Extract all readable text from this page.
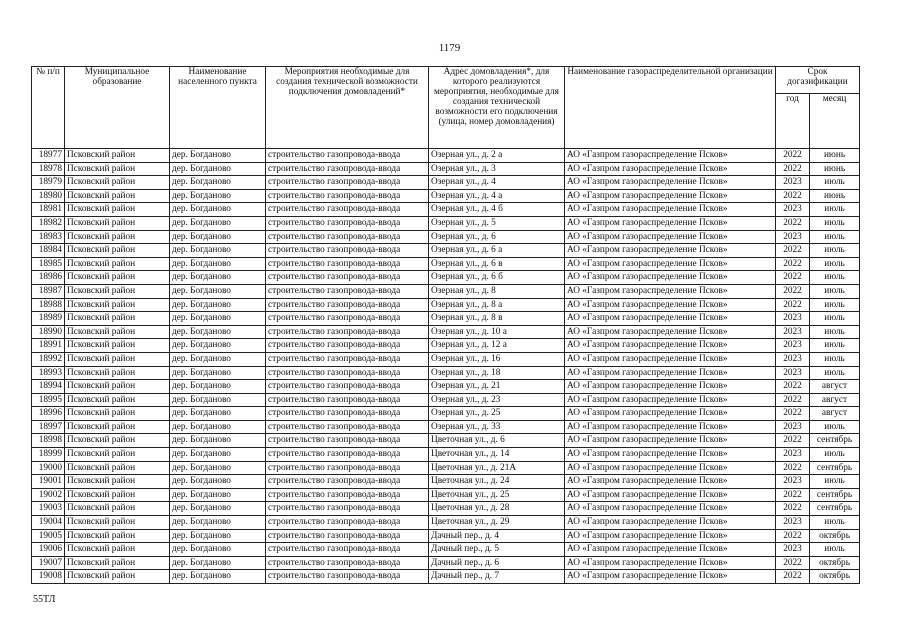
1179
№ п/п	Муниципальное образование	Наименование населенного пункта	Мероприятия необходимые для создания технической возможности подключения домовладений*	Адрес домовладения*, для которого реализуются мероприятия, необходимые для создания технической возможности его подключения (улица, номер домовладения)	Наименование газораспределительной организации	Срок догазификации	
						год	месяц
18977	Псковский район	дер. Богданово	строительство газопровода-ввода	Озерная ул., д. 2 а	АО «Газпром газораспределение Псков»	2022	июнь
18978	Псковский район	дер. Богданово	строительство газопровода-ввода	Озерная ул., д. 3	АО «Газпром газораспределение Псков»	2022	июнь
18979	Псковский район	дер. Богданово	строительство газопровода-ввода	Озерная ул., д. 4	АО «Газпром газораспределение Псков»	2023	июль
18980	Псковский район	дер. Богданово	строительство газопровода-ввода	Озерная ул., д. 4 а	АО «Газпром газораспределение Псков»	2022	июнь
18981	Псковский район	дер. Богданово	строительство газопровода-ввода	Озерная ул., д. 4 б	АО «Газпром газораспределение Псков»	2023	июль
18982	Псковский район	дер. Богданово	строительство газопровода-ввода	Озерная ул., д. 5	АО «Газпром газораспределение Псков»	2022	июль
18983	Псковский район	дер. Богданово	строительство газопровода-ввода	Озерная ул., д. 6	АО «Газпром газораспределение Псков»	2023	июль
18984	Псковский район	дер. Богданово	строительство газопровода-ввода	Озерная ул., д. 6 а	АО «Газпром газораспределение Псков»	2022	июль
18985	Псковский район	дер. Богданово	строительство газопровода-ввода	Озерная ул., д. 6 в	АО «Газпром газораспределение Псков»	2022	июль
18986	Псковский район	дер. Богданово	строительство газопровода-ввода	Озерная ул., д. 6 б	АО «Газпром газораспределение Псков»	2022	июль
18987	Псковский район	дер. Богданово	строительство газопровода-ввода	Озерная ул., д. 8	АО «Газпром газораспределение Псков»	2022	июль
18988	Псковский район	дер. Богданово	строительство газопровода-ввода	Озерная ул., д. 8 а	АО «Газпром газораспределение Псков»	2022	июль
18989	Псковский район	дер. Богданово	строительство газопровода-ввода	Озерная ул., д. 8 в	АО «Газпром газораспределение Псков»	2023	июль
18990	Псковский район	дер. Богданово	строительство газопровода-ввода	Озерная ул., д. 10 а	АО «Газпром газораспределение Псков»	2023	июль
18991	Псковский район	дер. Богданово	строительство газопровода-ввода	Озерная ул., д. 12 а	АО «Газпром газораспределение Псков»	2023	июль
18992	Псковский район	дер. Богданово	строительство газопровода-ввода	Озерная ул., д. 16	АО «Газпром газораспределение Псков»	2023	июль
18993	Псковский район	дер. Богданово	строительство газопровода-ввода	Озерная ул., д. 18	АО «Газпром газораспределение Псков»	2023	июль
18994	Псковский район	дер. Богданово	строительство газопровода-ввода	Озерная ул., д. 21	АО «Газпром газораспределение Псков»	2022	август
18995	Псковский район	дер. Богданово	строительство газопровода-ввода	Озерная ул., д. 23	АО «Газпром газораспределение Псков»	2022	август
18996	Псковский район	дер. Богданово	строительство газопровода-ввода	Озерная ул., д. 25	АО «Газпром газораспределение Псков»	2022	август
18997	Псковский район	дер. Богданово	строительство газопровода-ввода	Озерная ул., д. 33	АО «Газпром газораспределение Псков»	2023	июль
18998	Псковский район	дер. Богданово	строительство газопровода-ввода	Цветочная ул., д. 6	АО «Газпром газораспределение Псков»	2022	сентябрь
18999	Псковский район	дер. Богданово	строительство газопровода-ввода	Цветочная ул., д. 14	АО «Газпром газораспределение Псков»	2023	июль
19000	Псковский район	дер. Богданово	строительство газопровода-ввода	Цветочная ул., д. 21А	АО «Газпром газораспределение Псков»	2022	сентябрь
19001	Псковский район	дер. Богданово	строительство газопровода-ввода	Цветочная ул., д. 24	АО «Газпром газораспределение Псков»	2023	июль
19002	Псковский район	дер. Богданово	строительство газопровода-ввода	Цветочная ул., д. 25	АО «Газпром газораспределение Псков»	2022	сентябрь
19003	Псковский район	дер. Богданово	строительство газопровода-ввода	Цветочная ул., д. 28	АО «Газпром газораспределение Псков»	2022	сентябрь
19004	Псковский район	дер. Богданово	строительство газопровода-ввода	Цветочная ул., д. 29	АО «Газпром газораспределение Псков»	2023	июль
19005	Псковский район	дер. Богданово	строительство газопровода-ввода	Дачный пер., д. 4	АО «Газпром газораспределение Псков»	2022	октябрь
19006	Псковский район	дер. Богданово	строительство газопровода-ввода	Дачный пер., д. 5	АО «Газпром газораспределение Псков»	2023	июль
19007	Псковский район	дер. Богданово	строительство газопровода-ввода	Дачный пер., д. 6	АО «Газпром газораспределение Псков»	2022	октябрь
19008	Псковский район	дер. Богданово	строительство газопровода-ввода	Дачный пер., д. 7	АО «Газпром газораспределение Псков»	2022	октябрь
55ТЛ
